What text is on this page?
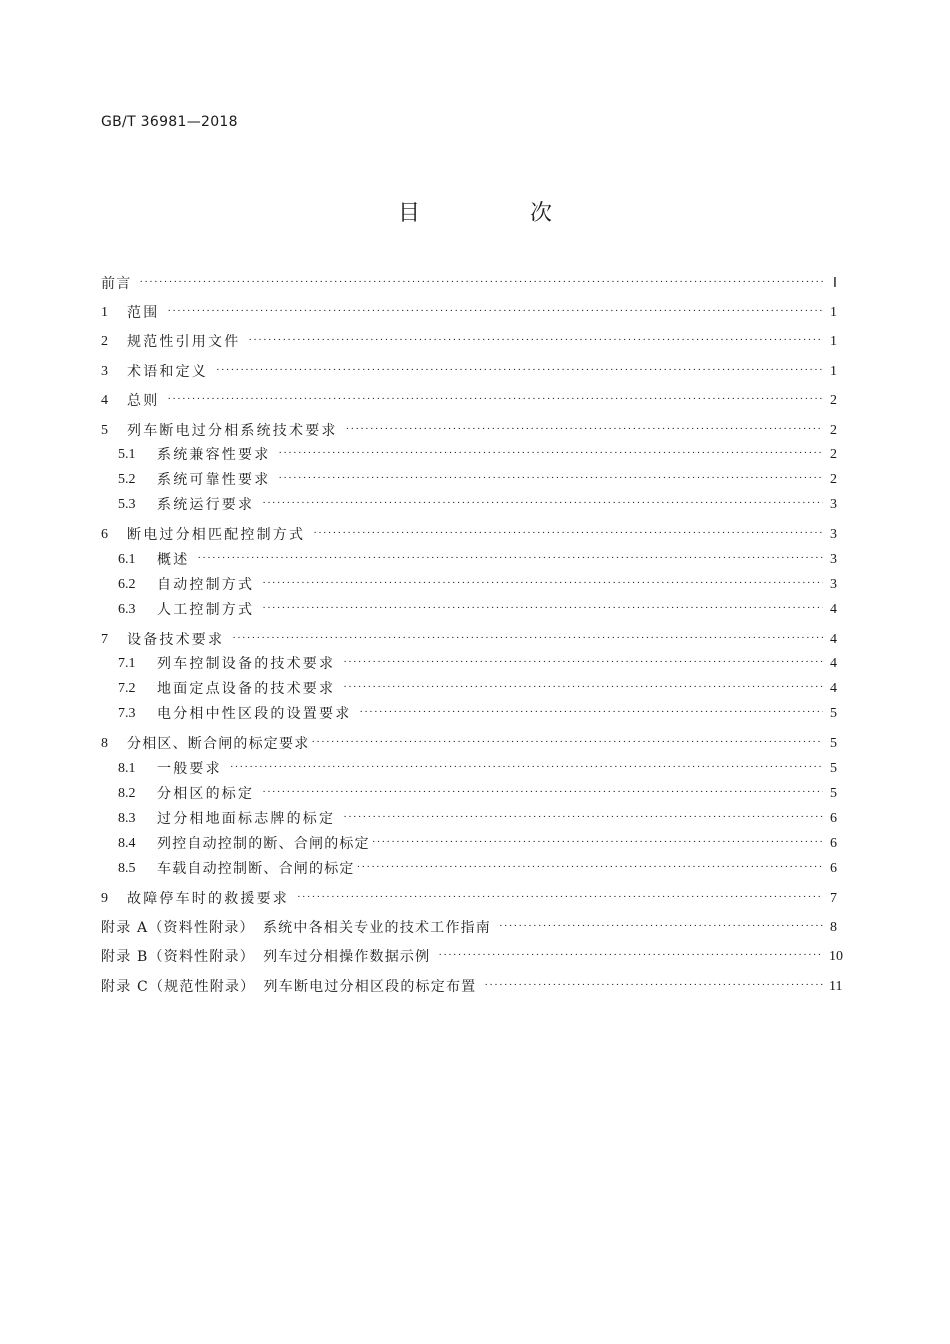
GB/T 36981—2018
目　次
前言 ·····	Ⅰ
1	范围 ·····	1
2	规范性引用文件 ·····	1
3	术语和定义 ·····	1
4	总则 ·····	2
5	列车断电过分相系统技术要求 ·····	2
5.1	系统兼容性要求 ·····	2
5.2	系统可靠性要求 ·····	2
5.3	系统运行要求 ·····	3
6	断电过分相匹配控制方式 ·····	3
6.1	概述 ·····	3
6.2	自动控制方式 ·····	3
6.3	人工控制方式 ·····	4
7	设备技术要求 ·····	4
7.1	列车控制设备的技术要求 ·····	4
7.2	地面定点设备的技术要求 ·····	4
7.3	电分相中性区段的设置要求 ·····	5
8	分相区、断合闸的标定要求 ·····	5
8.1	一般要求 ·····	5
8.2	分相区的标定 ·····	5
8.3	过分相地面标志牌的标定 ·····	6
8.4	列控自动控制的断、合闸的标定 ·····	6
8.5	车载自动控制断、合闸的标定 ·····	6
9	故障停车时的救援要求 ·····	7
附录 A（资料性附录）　系统中各相关专业的技术工作指南 ·····	8
附录 B（资料性附录）　列车过分相操作数据示例 ·····	10
附录 C（规范性附录）　列车断电过分相区段的标定布置 ·····	11
